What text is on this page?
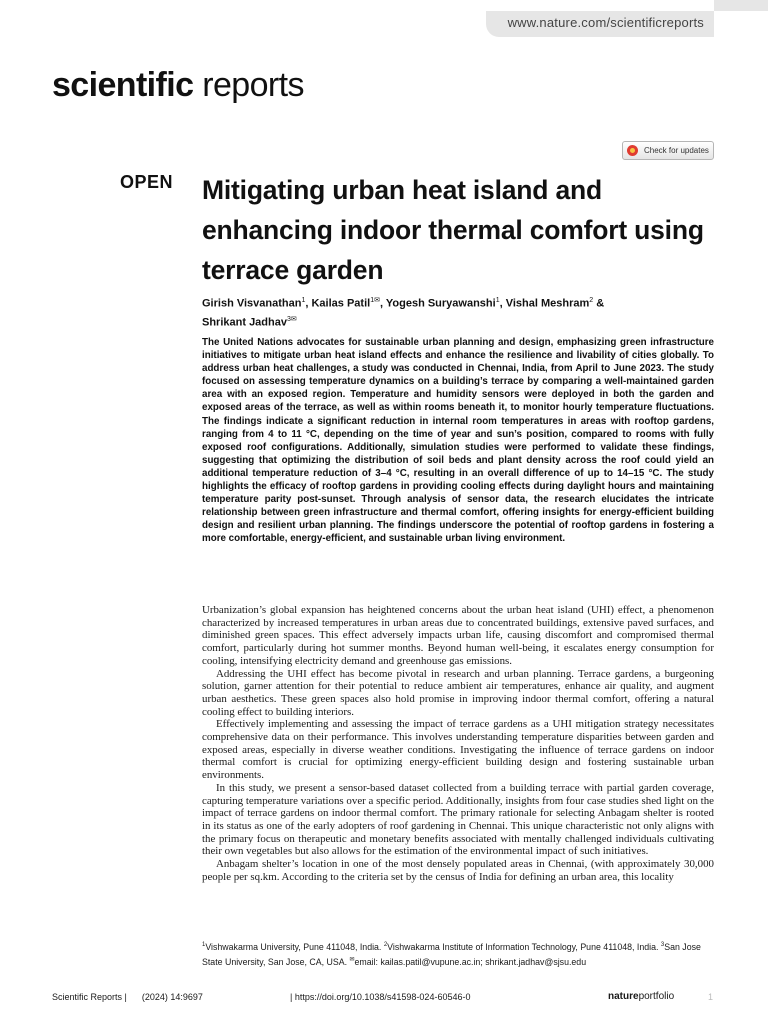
www.nature.com/scientificreports
scientific reports
Check for updates
OPEN Mitigating urban heat island and enhancing indoor thermal comfort using terrace garden
Girish Visvanathan$^1$, Kailas Patil$^{1✉}$, Yogesh Suryawanshi$^1$, Vishal Meshram$^2$ &
Shrikant Jadhav$^{3✉}$

The United Nations advocates for sustainable urban planning and design, emphasizing green infrastructure initiatives to mitigate urban heat island effects and enhance the resilience and livability of cities globally. To address urban heat challenges, a study was conducted in Chennai, India, from April to June 2023. The study focused on assessing temperature dynamics on a building’s terrace by comparing a well-maintained garden area with an exposed region. Temperature and humidity sensors were deployed in both the garden and exposed areas of the terrace, as well as within rooms beneath it, to monitor hourly temperature fluctuations. The findings indicate a significant reduction in internal room temperatures in areas with rooftop gardens, ranging from 4 to 11 °C, depending on the time of year and sun’s position, compared to rooms with fully exposed roof configurations. Additionally, simulation studies were performed to validate these findings, suggesting that optimizing the distribution of soil beds and plant density across the roof could yield an additional temperature reduction of 3–4 °C, resulting in an overall difference of up to 14–15 °C. The study highlights the efficacy of rooftop gardens in providing cooling effects during daylight hours and maintaining temperature parity post-sunset. Through analysis of sensor data, the research elucidates the intricate relationship between green infrastructure and thermal comfort, offering insights for energy-efficient building design and resilient urban planning. The findings underscore the potential of rooftop gardens in fostering a more comfortable, energy-efficient, and sustainable urban living environment.

Urbanization’s global expansion has heightened concerns about the urban heat island (UHI) effect, a phenomenon characterized by increased temperatures in urban areas due to concentrated buildings, extensive paved surfaces, and diminished green spaces. This effect adversely impacts urban life, causing discomfort and compromised thermal comfort, particularly during hot summer months. Beyond human well-being, it escalates energy consumption for cooling, intensifying electricity demand and greenhouse gas emissions.

Addressing the UHI effect has become pivotal in research and urban planning. Terrace gardens, a burgeoning solution, garner attention for their potential to reduce ambient air temperatures, enhance air quality, and augment urban aesthetics. These green spaces also hold promise in improving indoor thermal comfort, offering a natural cooling effect to building interiors.

Effectively implementing and assessing the impact of terrace gardens as a UHI mitigation strategy necessitates comprehensive data on their performance. This involves understanding temperature disparities between garden and exposed areas, especially in diverse weather conditions. Investigating the influence of terrace gardens on indoor thermal comfort is crucial for optimizing energy-efficient building design and fostering sustainable urban environments.

In this study, we present a sensor-based dataset collected from a building terrace with partial garden coverage, capturing temperature variations over a specific period. Additionally, insights from four case studies shed light on the impact of terrace gardens on indoor thermal comfort. The primary rationale for selecting Anbagam shelter is rooted in its status as one of the early adopters of roof gardening in Chennai. This unique characteristic not only aligns with the primary focus on therapeutic and monetary benefits associated with mentally challenged individuals cultivating their own vegetables but also allows for the estimation of the environmental impact of such initiatives.

Anbagam shelter’s location in one of the most densely populated areas in Chennai, (with approximately 30,000 people per sq.km. According to the criteria set by the census of India for defining an urban area, this locality

$^1$Vishwakarma University, Pune 411048, India. $^2$Vishwakarma Institute of Information Technology, Pune 411048, India. $^3$San Jose State University, San Jose, CA, USA. ✉email: kailas.patil@vupune.ac.in; shrikant.jadhav@sjsu.edu
Scientific Reports | (2024) 14:9697	| https://doi.org/10.1038/s41598-024-60546-0	natureportfolio	1
